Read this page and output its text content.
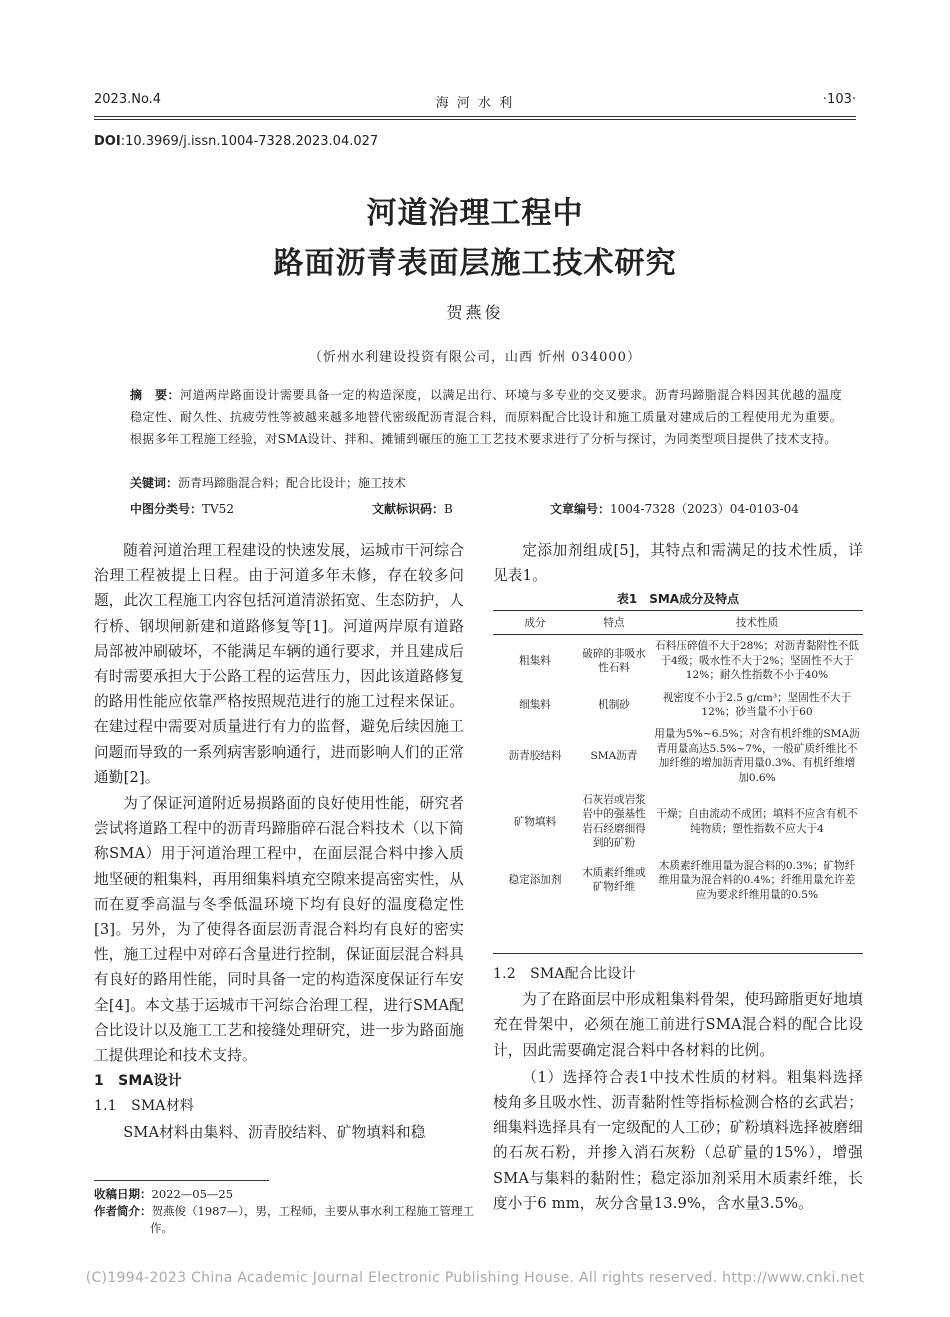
2023.No.4	海 河 水 利	·103·
DOI:10.3969/j.issn.1004-7328.2023.04.027
河道治理工程中
路面沥青表面层施工技术研究
贺燕俊
（忻州水利建设投资有限公司，山西 忻州 034000）
摘　要：河道两岸路面设计需要具备一定的构造深度，以满足出行、环境与多专业的交叉要求。沥青玛蹄脂混合料因其优越的温度稳定性、耐久性、抗疲劳性等被越来越多地替代密级配沥青混合料，而原料配合比设计和施工质量对建成后的工程使用尤为重要。根据多年工程施工经验，对SMA设计、拌和、摊铺到碾压的施工工艺技术要求进行了分析与探讨，为同类型项目提供了技术支持。
关键词：沥青玛蹄脂混合料；配合比设计；施工技术
中图分类号：TV52	文献标识码：B	文章编号：1004-7328（2023）04-0103-04

随着河道治理工程建设的快速发展，运城市干河综合治理工程被提上日程。由于河道多年未修，存在较多问题，此次工程施工内容包括河道清淤拓宽、生态防护，人行桥、钢坝闸新建和道路修复等[1]。河道两岸原有道路局部被冲刷破坏，不能满足车辆的通行要求，并且建成后有时需要承担大于公路工程的运营压力，因此该道路修复的路用性能应依靠严格按照规范进行的施工过程来保证。在建过程中需要对质量进行有力的监督，避免后续因施工问题而导致的一系列病害影响通行，进而影响人们的正常通勤[2]。

为了保证河道附近易损路面的良好使用性能，研究者尝试将道路工程中的沥青玛蹄脂碎石混合料技术（以下简称SMA）用于河道治理工程中，在面层混合料中掺入质地坚硬的粗集料，再用细集料填充空隙来提高密实性，从而在夏季高温与冬季低温环境下均有良好的温度稳定性[3]。另外，为了使得各面层沥青混合料均有良好的密实性，施工过程中对碎石含量进行控制，保证面层混合料具有良好的路用性能，同时具备一定的构造深度保证行车安全[4]。本文基于运城市干河综合治理工程，进行SMA配合比设计以及施工工艺和接缝处理研究，进一步为路面施工提供理论和技术支持。

1　SMA设计
1.1　SMA材料

SMA材料由集料、沥青胶结料、矿物填料和稳

定添加剂组成[5]，其特点和需满足的技术性质，详见表1。

表1　SMA成分及特点
成分	特点	技术性质
粗集料	破碎的非吸水性石料	石料压碎值不大于28%；对沥青黏附性不低于4级；吸水性不大于2%；坚固性不大于12%；耐久性指数不小于40%
细集料	机制砂	视密度不小于2.5 g/cm³；坚固性不大于12%；砂当量不小于60
沥青胶结料	SMA沥青	用量为5%~6.5%；对含有机纤维的SMA沥青用量高达5.5%~7%，一般矿质纤维比不加纤维的增加沥青用量0.3%、有机纤维增加0.6%
矿物填料	石灰岩或岩浆岩中的强基性岩石经磨细得到的矿粉	干燥；自由流动不成团；填料不应含有机不纯物质；塑性指数不应大于4
稳定添加剂	木质素纤维或矿物纤维	木质素纤维用量为混合料的0.3%；矿物纤维用量为混合料的0.4%；纤维用量允许差应为要求纤维用量的0.5%
1.2　SMA配合比设计

为了在路面层中形成粗集料骨架，使玛蹄脂更好地填充在骨架中，必须在施工前进行SMA混合料的配合比设计，因此需要确定混合料中各材料的比例。

（1）选择符合表1中技术性质的材料。粗集料选择棱角多且吸水性、沥青黏附性等指标检测合格的玄武岩；细集料选择具有一定级配的人工砂；矿粉填料选择被磨细的石灰石粉，并掺入消石灰粉（总矿量的15%），增强SMA与集料的黏附性；稳定添加剂采用木质素纤维，长度小于6 mm，灰分含量13.9%，含水量3.5%。

收稿日期：2022—05—25
作者简介：贺燕俊（1987—），男，工程师，主要从事水利工程施工管理工作。
(C)1994-2023 China Academic Journal Electronic Publishing House. All rights reserved. http://www.cnki.net
